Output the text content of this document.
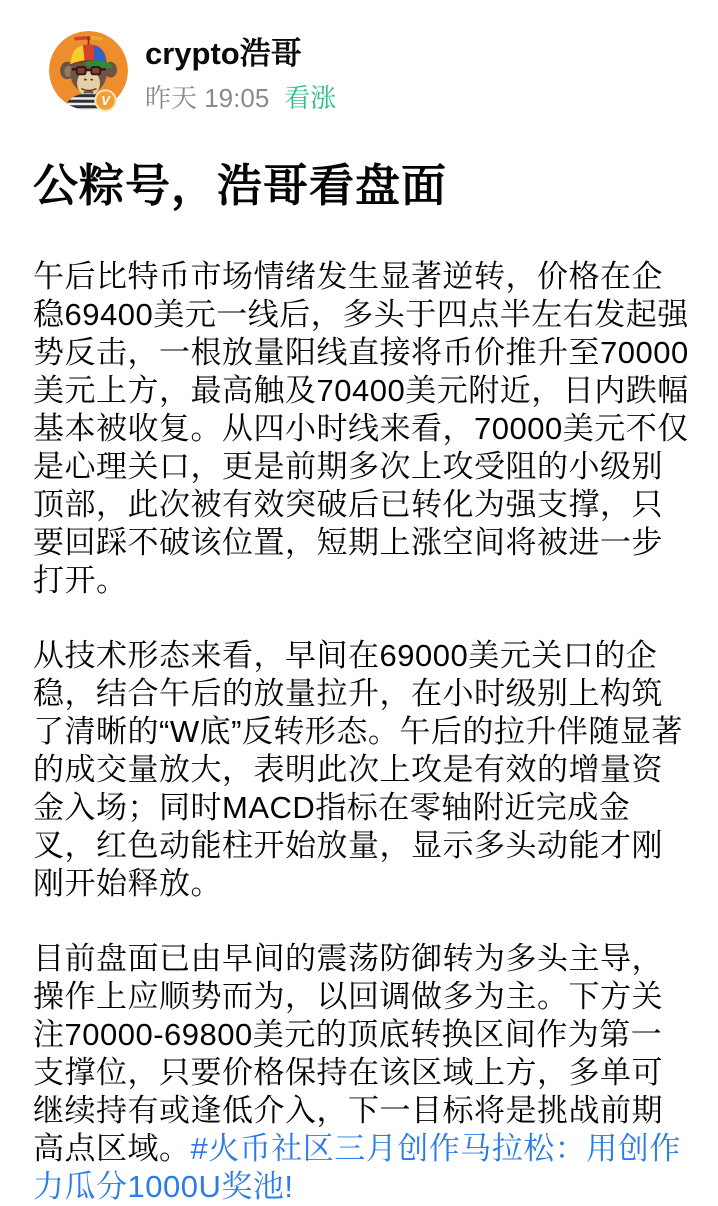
V
crypto浩哥
昨天 19:05 看涨
公粽号，浩哥看盘面

午后比特币市场情绪发生显著逆转，价格在企稳69400美元一线后，多头于四点半左右发起强势反击，一根放量阳线直接将币价推升至70000美元上方，最高触及70400美元附近，日内跌幅基本被收复。从四小时线来看，70000美元不仅是心理关口，更是前期多次上攻受阻的小级别顶部，此次被有效突破后已转化为强支撑，只要回踩不破该位置，短期上涨空间将被进一步打开。

从技术形态来看，早间在69000美元关口的企稳，结合午后的放量拉升，在小时级别上构筑了清晰的“W底”反转形态。午后的拉升伴随显著的成交量放大，表明此次上攻是有效的增量资金入场；同时MACD指标在零轴附近完成金叉，红色动能柱开始放量，显示多头动能才刚刚开始释放。

目前盘面已由早间的震荡防御转为多头主导，操作上应顺势而为，以回调做多为主。下方关注70000-69800美元的顶底转换区间作为第一支撑位，只要价格保持在该区域上方，多单可继续持有或逢低介入，下一目标将是挑战前期高点区域。#火币社区三月创作马拉松：用创作力瓜分1000U奖池!
